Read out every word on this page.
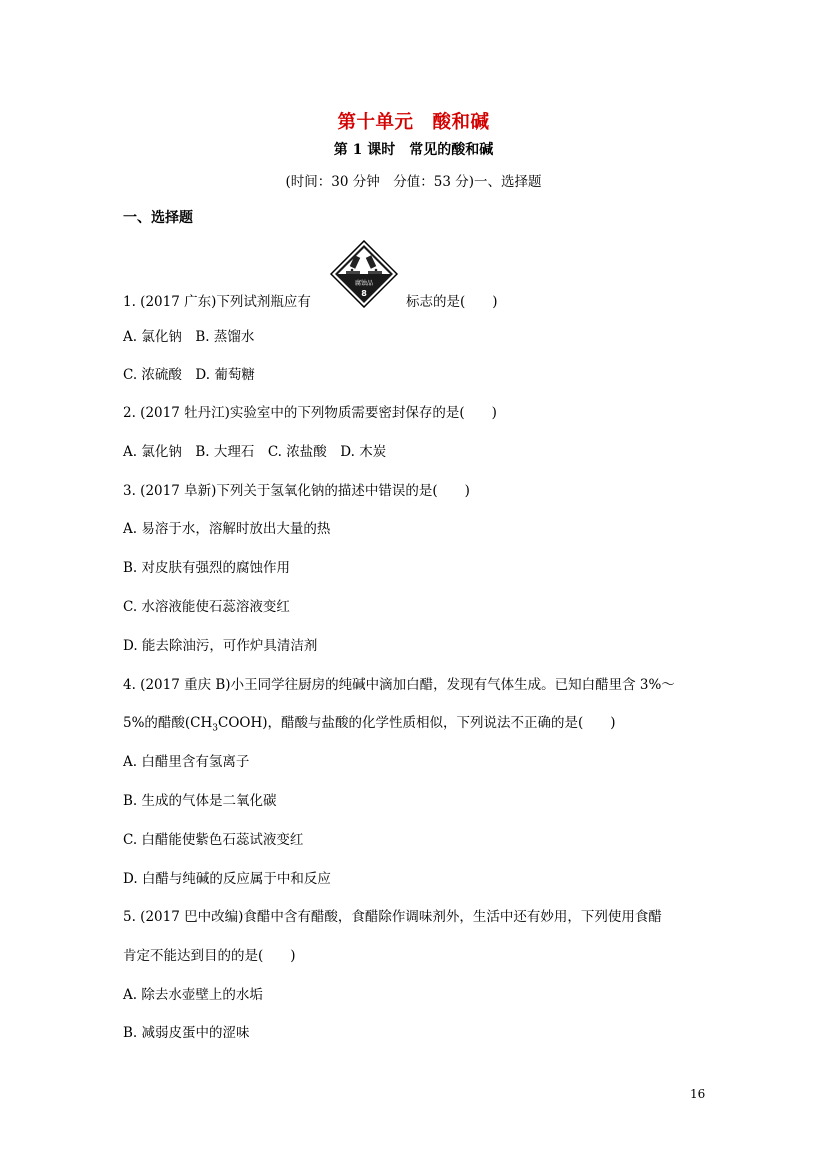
第十单元　酸和碱
第 1 课时　常见的酸和碱
(时间：30 分钟　分值：53 分)一、选择题
一、选择题
腐蚀品
8
1. (2017 广东)下列试剂瓶应有	标志的是(　　)
A. 氯化钠　B. 蒸馏水
C. 浓硫酸　D. 葡萄糖
2. (2017 牡丹江)实验室中的下列物质需要密封保存的是(　　)
A. 氯化钠　B. 大理石　C. 浓盐酸　D. 木炭
3. (2017 阜新)下列关于氢氧化钠的描述中错误的是(　　)
A. 易溶于水，溶解时放出大量的热
B. 对皮肤有强烈的腐蚀作用
C. 水溶液能使石蕊溶液变红
D. 能去除油污，可作炉具清洁剂
4. (2017 重庆 B)小王同学往厨房的纯碱中滴加白醋，发现有气体生成。已知白醋里含 3%～
5%的醋酸$(CH_3COOH)$，醋酸与盐酸的化学性质相似，下列说法不正确的是(　　)
A. 白醋里含有氢离子
B. 生成的气体是二氧化碳
C. 白醋能使紫色石蕊试液变红
D. 白醋与纯碱的反应属于中和反应
5. (2017 巴中改编)食醋中含有醋酸，食醋除作调味剂外，生活中还有妙用，下列使用食醋
肯定不能达到目的的是(　　)
A. 除去水壶壁上的水垢
B. 减弱皮蛋中的涩味
16
